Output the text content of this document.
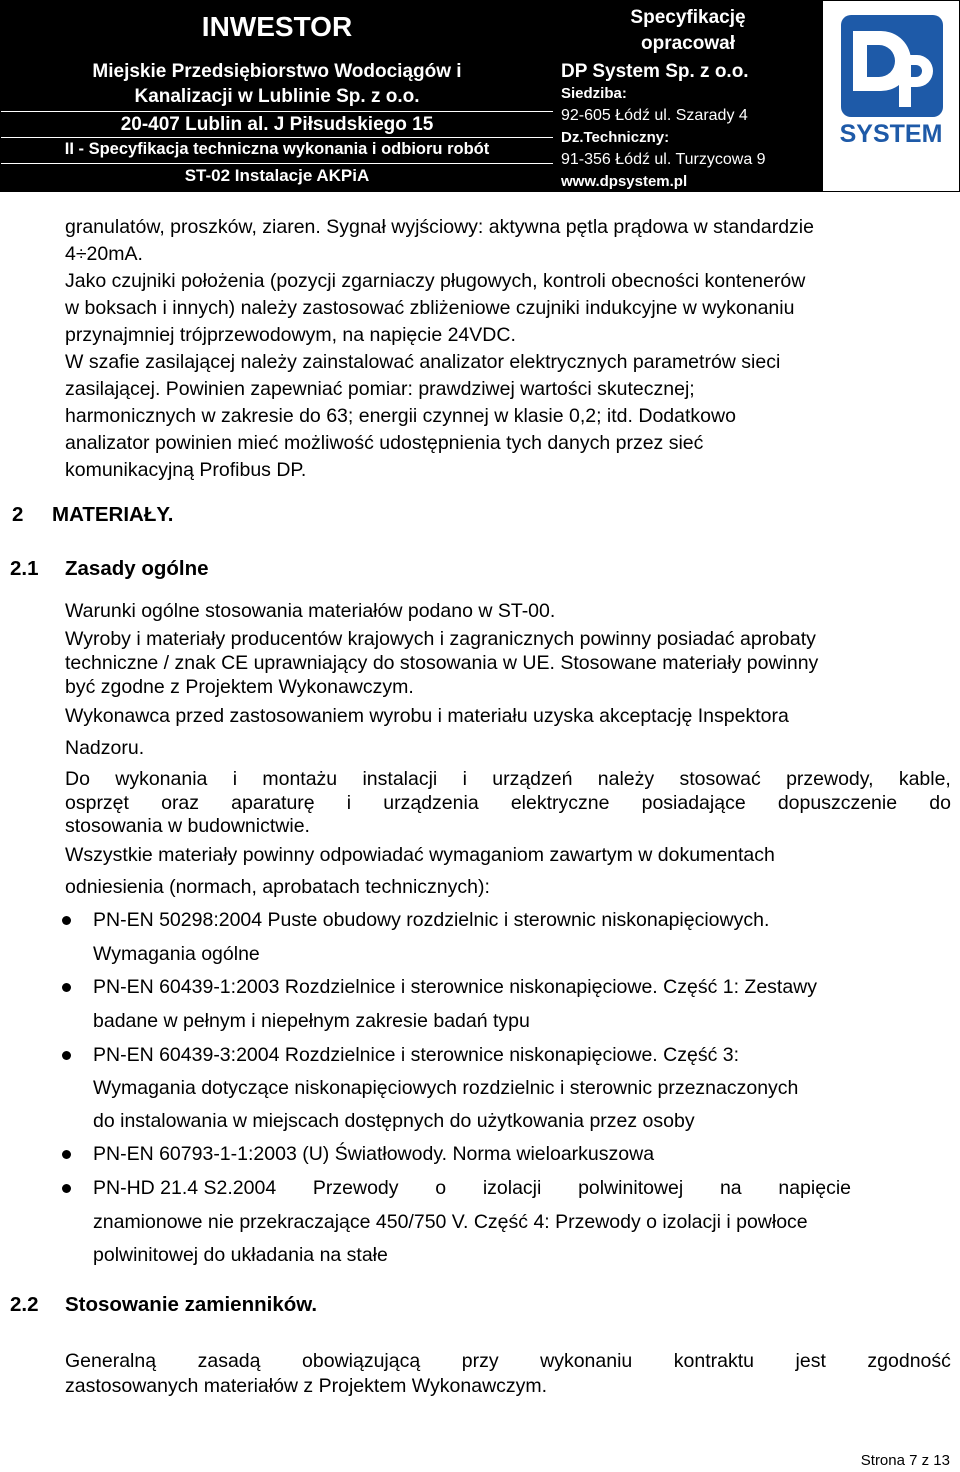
INWESTOR
Miejskie Przedsiębiorstwo Wodociągów i
Kanalizacji w Lublinie Sp. z o.o.
20-407 Lublin al. J Piłsudskiego 15
II - Specyfikacja techniczna wykonania i odbioru robót
ST-02 Instalacje AKPiA
Specyfikację
opracował
DP System Sp. z o.o.
Siedziba:
92-605 Łódź ul. Szarady 4
Dz.Techniczny:
91-356 Łódź ul. Turzycowa 9
www.dpsystem.pl
SYSTEM
granulatów, proszków, ziaren. Sygnał wyjściowy: aktywna pętla prądowa w standardzie
4÷20mA.
Jako czujniki położenia (pozycji zgarniaczy pługowych, kontroli obecności kontenerów
w boksach i innych) należy zastosować zbliżeniowe czujniki indukcyjne w wykonaniu
przynajmniej trójprzewodowym, na napięcie 24VDC.
W szafie zasilającej należy zainstalować analizator elektrycznych parametrów sieci
zasilającej. Powinien zapewniać pomiar: prawdziwej wartości skutecznej;
harmonicznych w zakresie do 63; energii czynnej w klasie 0,2; itd. Dodatkowo
analizator powinien mieć możliwość udostępnienia tych danych przez sieć
komunikacyjną Profibus DP.
2 MATERIAŁY.
2.1 Zasady ogólne
Warunki ogólne stosowania materiałów podano w ST-00.
Wyroby i materiały producentów krajowych i zagranicznych powinny posiadać aprobaty
techniczne / znak CE uprawniający do stosowania w UE. Stosowane materiały powinny
być zgodne z Projektem Wykonawczym.
Wykonawca przed zastosowaniem wyrobu i materiału uzyska akceptację Inspektora
Nadzoru.
Do wykonania i montażu instalacji i urządzeń należy stosować przewody, kable,
osprzęt oraz aparaturę i urządzenia elektryczne posiadające dopuszczenie do
stosowania w budownictwie.
Wszystkie materiały powinny odpowiadać wymaganiom zawartym w dokumentach
odniesienia (normach, aprobatach technicznych):
PN-EN 50298:2004 Puste obudowy rozdzielnic i sterownic niskonapięciowych.
Wymagania ogólne
PN-EN 60439-1:2003 Rozdzielnice i sterownice niskonapięciowe. Część 1: Zestawy
badane w pełnym i niepełnym zakresie badań typu
PN-EN 60439-3:2004 Rozdzielnice i sterownice niskonapięciowe. Część 3:
Wymagania dotyczące niskonapięciowych rozdzielnic i sterownic przeznaczonych
do instalowania w miejscach dostępnych do użytkowania przez osoby
PN-EN 60793-1-1:2003 (U) Światłowody. Norma wieloarkuszowa
PN-HD 21.4 S2.2004 Przewody o izolacji polwinitowej na napięcie
znamionowe nie przekraczające 450/750 V. Część 4: Przewody o izolacji i powłoce
polwinitowej do układania na stałe
2.2 Stosowanie zamienników.
Generalną zasadą obowiązującą przy wykonaniu kontraktu jest zgodność
zastosowanych materiałów z Projektem Wykonawczym.
Strona 7 z 13
